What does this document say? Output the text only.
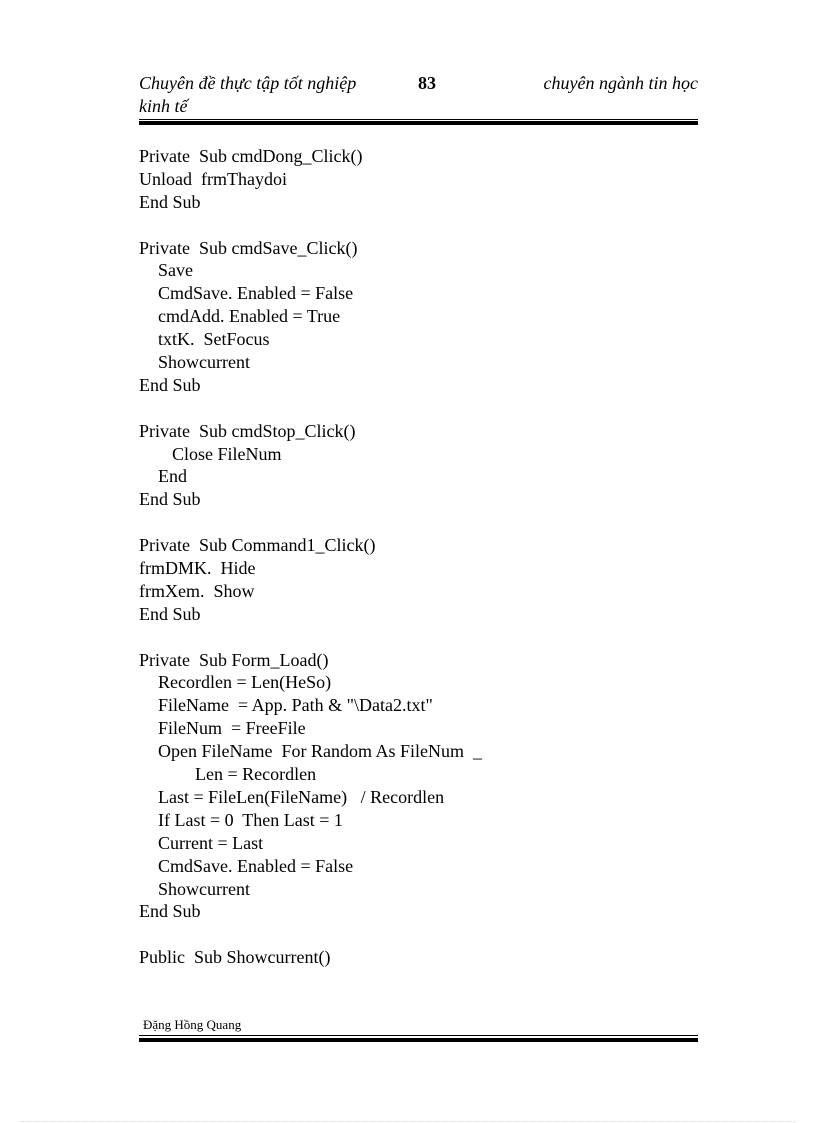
Chuyên đề thực tập tốt nghiệp
kinh tế
83	chuyên ngành tin học
Private  Sub cmdDong_Click()
Unload  frmThaydoi
End Sub
Private  Sub cmdSave_Click()
Save
CmdSave. Enabled = False
cmdAdd. Enabled = True
txtK.  SetFocus
Showcurrent
End Sub
Private  Sub cmdStop_Click()
Close FileNum
End
End Sub
Private  Sub Command1_Click()
frmDMK.  Hide
frmXem.  Show
End Sub
Private  Sub Form_Load()
Recordlen = Len(HeSo)
FileName  = App. Path & "\Data2.txt"
FileNum  = FreeFile
Open FileName  For Random As FileNum  _
Len = Recordlen
Last = FileLen(FileName)   / Recordlen
If Last = 0  Then Last = 1
Current = Last
CmdSave. Enabled = False
Showcurrent
End Sub
Public  Sub Showcurrent()
Đặng Hồng Quang
